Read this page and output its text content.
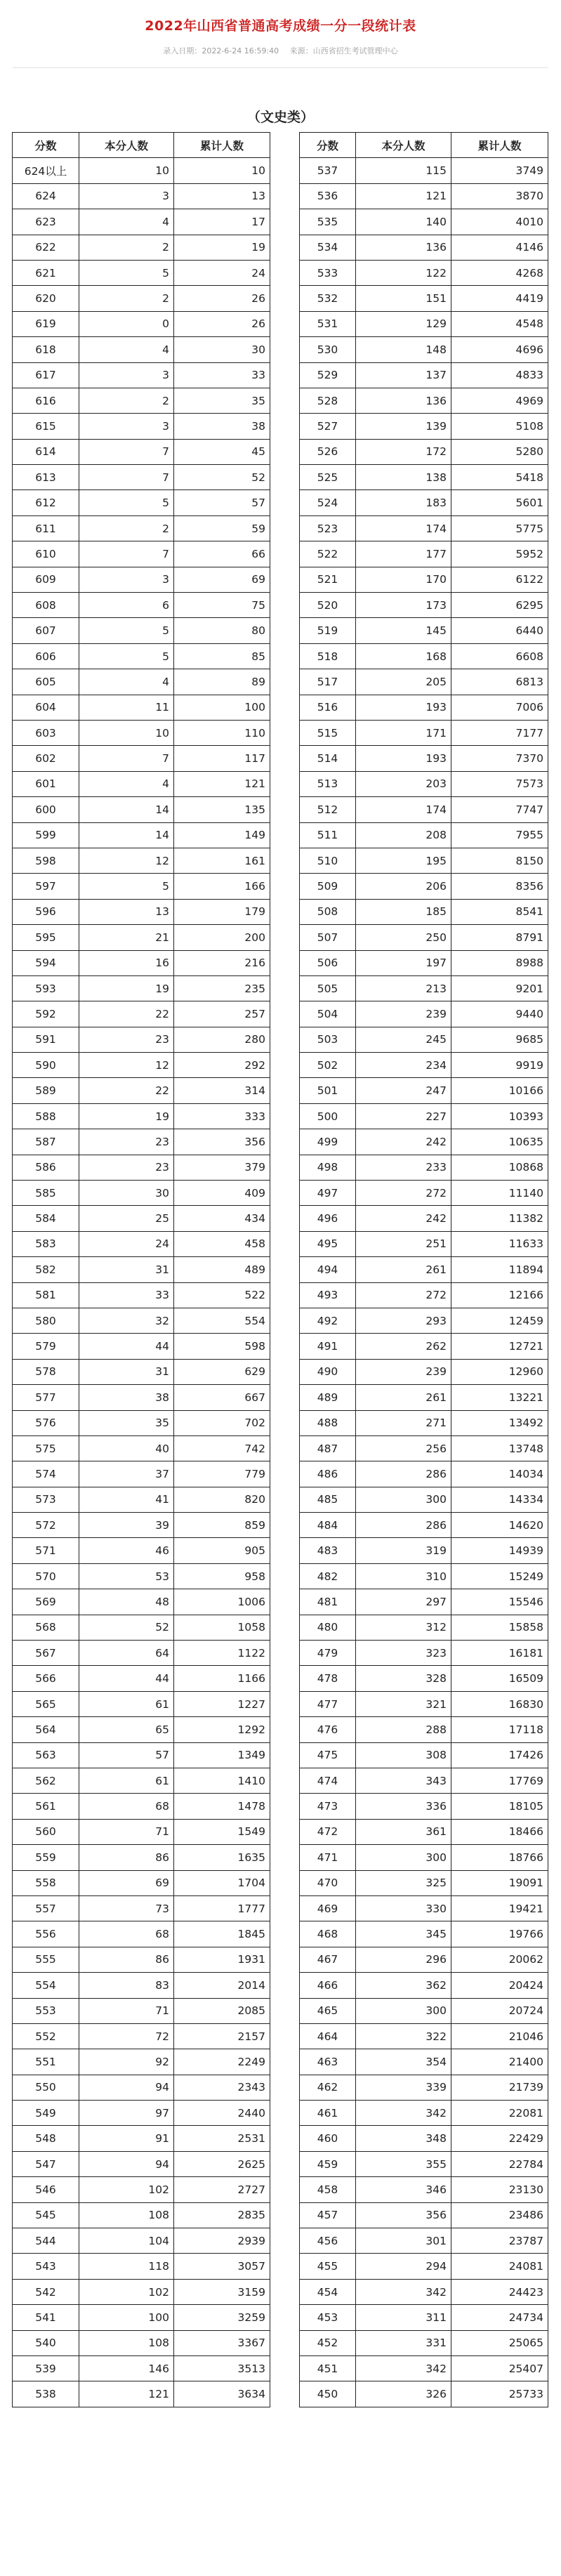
2022年山西省普通高考成绩一分一段统计表
录入日期：2022-6-24 16:59:40 来源：山西省招生考试管理中心
（文史类）
分数	本分人数	累计人数
624以上	10	10
624	3	13
623	4	17
622	2	19
621	5	24
620	2	26
619	0	26
618	4	30
617	3	33
616	2	35
615	3	38
614	7	45
613	7	52
612	5	57
611	2	59
610	7	66
609	3	69
608	6	75
607	5	80
606	5	85
605	4	89
604	11	100
603	10	110
602	7	117
601	4	121
600	14	135
599	14	149
598	12	161
597	5	166
596	13	179
595	21	200
594	16	216
593	19	235
592	22	257
591	23	280
590	12	292
589	22	314
588	19	333
587	23	356
586	23	379
585	30	409
584	25	434
583	24	458
582	31	489
581	33	522
580	32	554
579	44	598
578	31	629
577	38	667
576	35	702
575	40	742
574	37	779
573	41	820
572	39	859
571	46	905
570	53	958
569	48	1006
568	52	1058
567	64	1122
566	44	1166
565	61	1227
564	65	1292
563	57	1349
562	61	1410
561	68	1478
560	71	1549
559	86	1635
558	69	1704
557	73	1777
556	68	1845
555	86	1931
554	83	2014
553	71	2085
552	72	2157
551	92	2249
550	94	2343
549	97	2440
548	91	2531
547	94	2625
546	102	2727
545	108	2835
544	104	2939
543	118	3057
542	102	3159
541	100	3259
540	108	3367
539	146	3513
538	121	3634
分数	本分人数	累计人数
537	115	3749
536	121	3870
535	140	4010
534	136	4146
533	122	4268
532	151	4419
531	129	4548
530	148	4696
529	137	4833
528	136	4969
527	139	5108
526	172	5280
525	138	5418
524	183	5601
523	174	5775
522	177	5952
521	170	6122
520	173	6295
519	145	6440
518	168	6608
517	205	6813
516	193	7006
515	171	7177
514	193	7370
513	203	7573
512	174	7747
511	208	7955
510	195	8150
509	206	8356
508	185	8541
507	250	8791
506	197	8988
505	213	9201
504	239	9440
503	245	9685
502	234	9919
501	247	10166
500	227	10393
499	242	10635
498	233	10868
497	272	11140
496	242	11382
495	251	11633
494	261	11894
493	272	12166
492	293	12459
491	262	12721
490	239	12960
489	261	13221
488	271	13492
487	256	13748
486	286	14034
485	300	14334
484	286	14620
483	319	14939
482	310	15249
481	297	15546
480	312	15858
479	323	16181
478	328	16509
477	321	16830
476	288	17118
475	308	17426
474	343	17769
473	336	18105
472	361	18466
471	300	18766
470	325	19091
469	330	19421
468	345	19766
467	296	20062
466	362	20424
465	300	20724
464	322	21046
463	354	21400
462	339	21739
461	342	22081
460	348	22429
459	355	22784
458	346	23130
457	356	23486
456	301	23787
455	294	24081
454	342	24423
453	311	24734
452	331	25065
451	342	25407
450	326	25733
